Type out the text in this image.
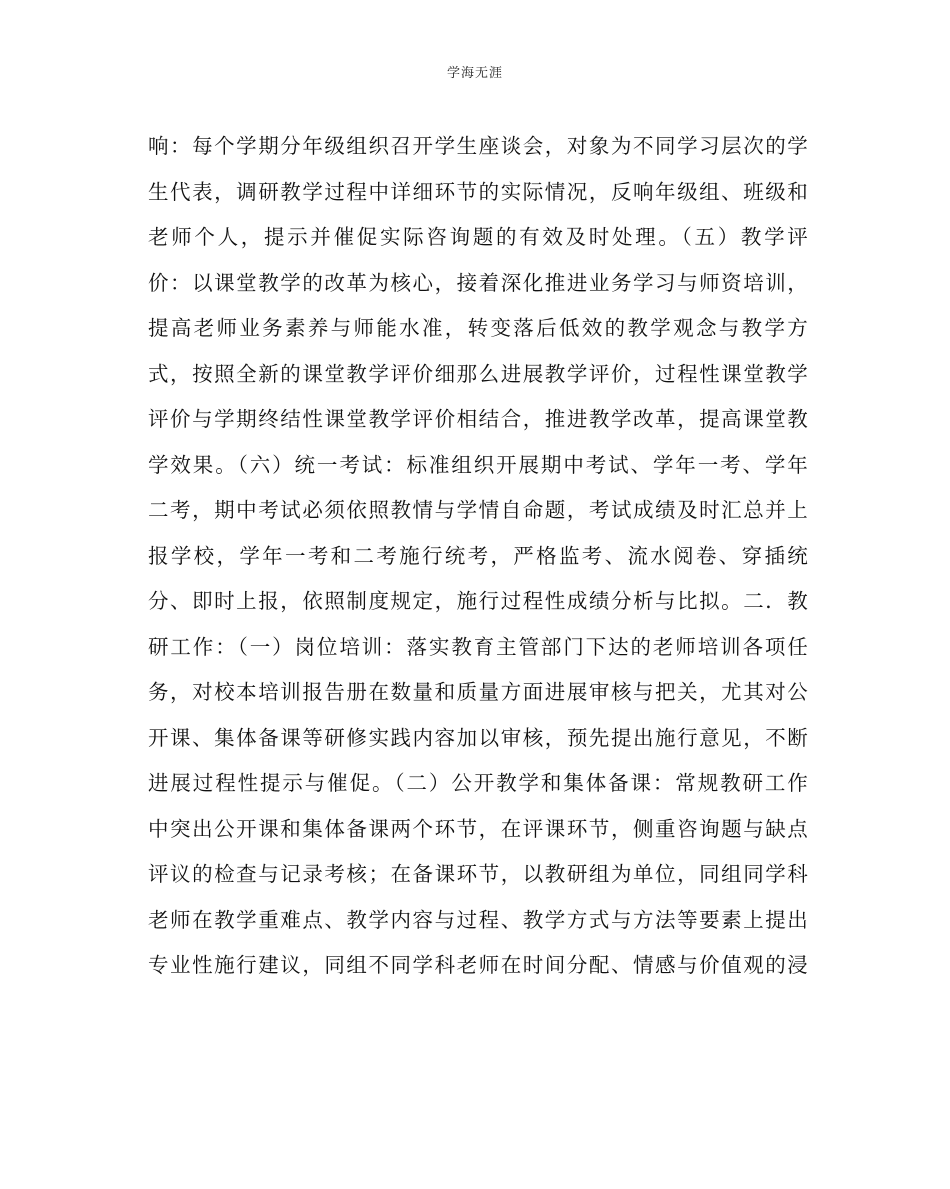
学海无涯
响：每个学期分年级组织召开学生座谈会，对象为不同学习层次的学
生代表，调研教学过程中详细环节的实际情况，反响年级组、班级和
老师个人，提示并催促实际咨询题的有效及时处理。（五）教学评
价：以课堂教学的改革为核心，接着深化推进业务学习与师资培训，
提高老师业务素养与师能水准，转变落后低效的教学观念与教学方
式，按照全新的课堂教学评价细那么进展教学评价，过程性课堂教学
评价与学期终结性课堂教学评价相结合，推进教学改革，提高课堂教
学效果。（六）统一考试：标准组织开展期中考试、学年一考、学年
二考，期中考试必须依照教情与学情自命题，考试成绩及时汇总并上
报学校，学年一考和二考施行统考，严格监考、流水阅卷、穿插统
分、即时上报，依照制度规定，施行过程性成绩分析与比拟。二．教
研工作：（一）岗位培训：落实教育主管部门下达的老师培训各项任
务，对校本培训报告册在数量和质量方面进展审核与把关，尤其对公
开课、集体备课等研修实践内容加以审核，预先提出施行意见，不断
进展过程性提示与催促。（二）公开教学和集体备课：常规教研工作
中突出公开课和集体备课两个环节，在评课环节，侧重咨询题与缺点
评议的检查与记录考核；在备课环节，以教研组为单位，同组同学科
老师在教学重难点、教学内容与过程、教学方式与方法等要素上提出
专业性施行建议，同组不同学科老师在时间分配、情感与价值观的浸
